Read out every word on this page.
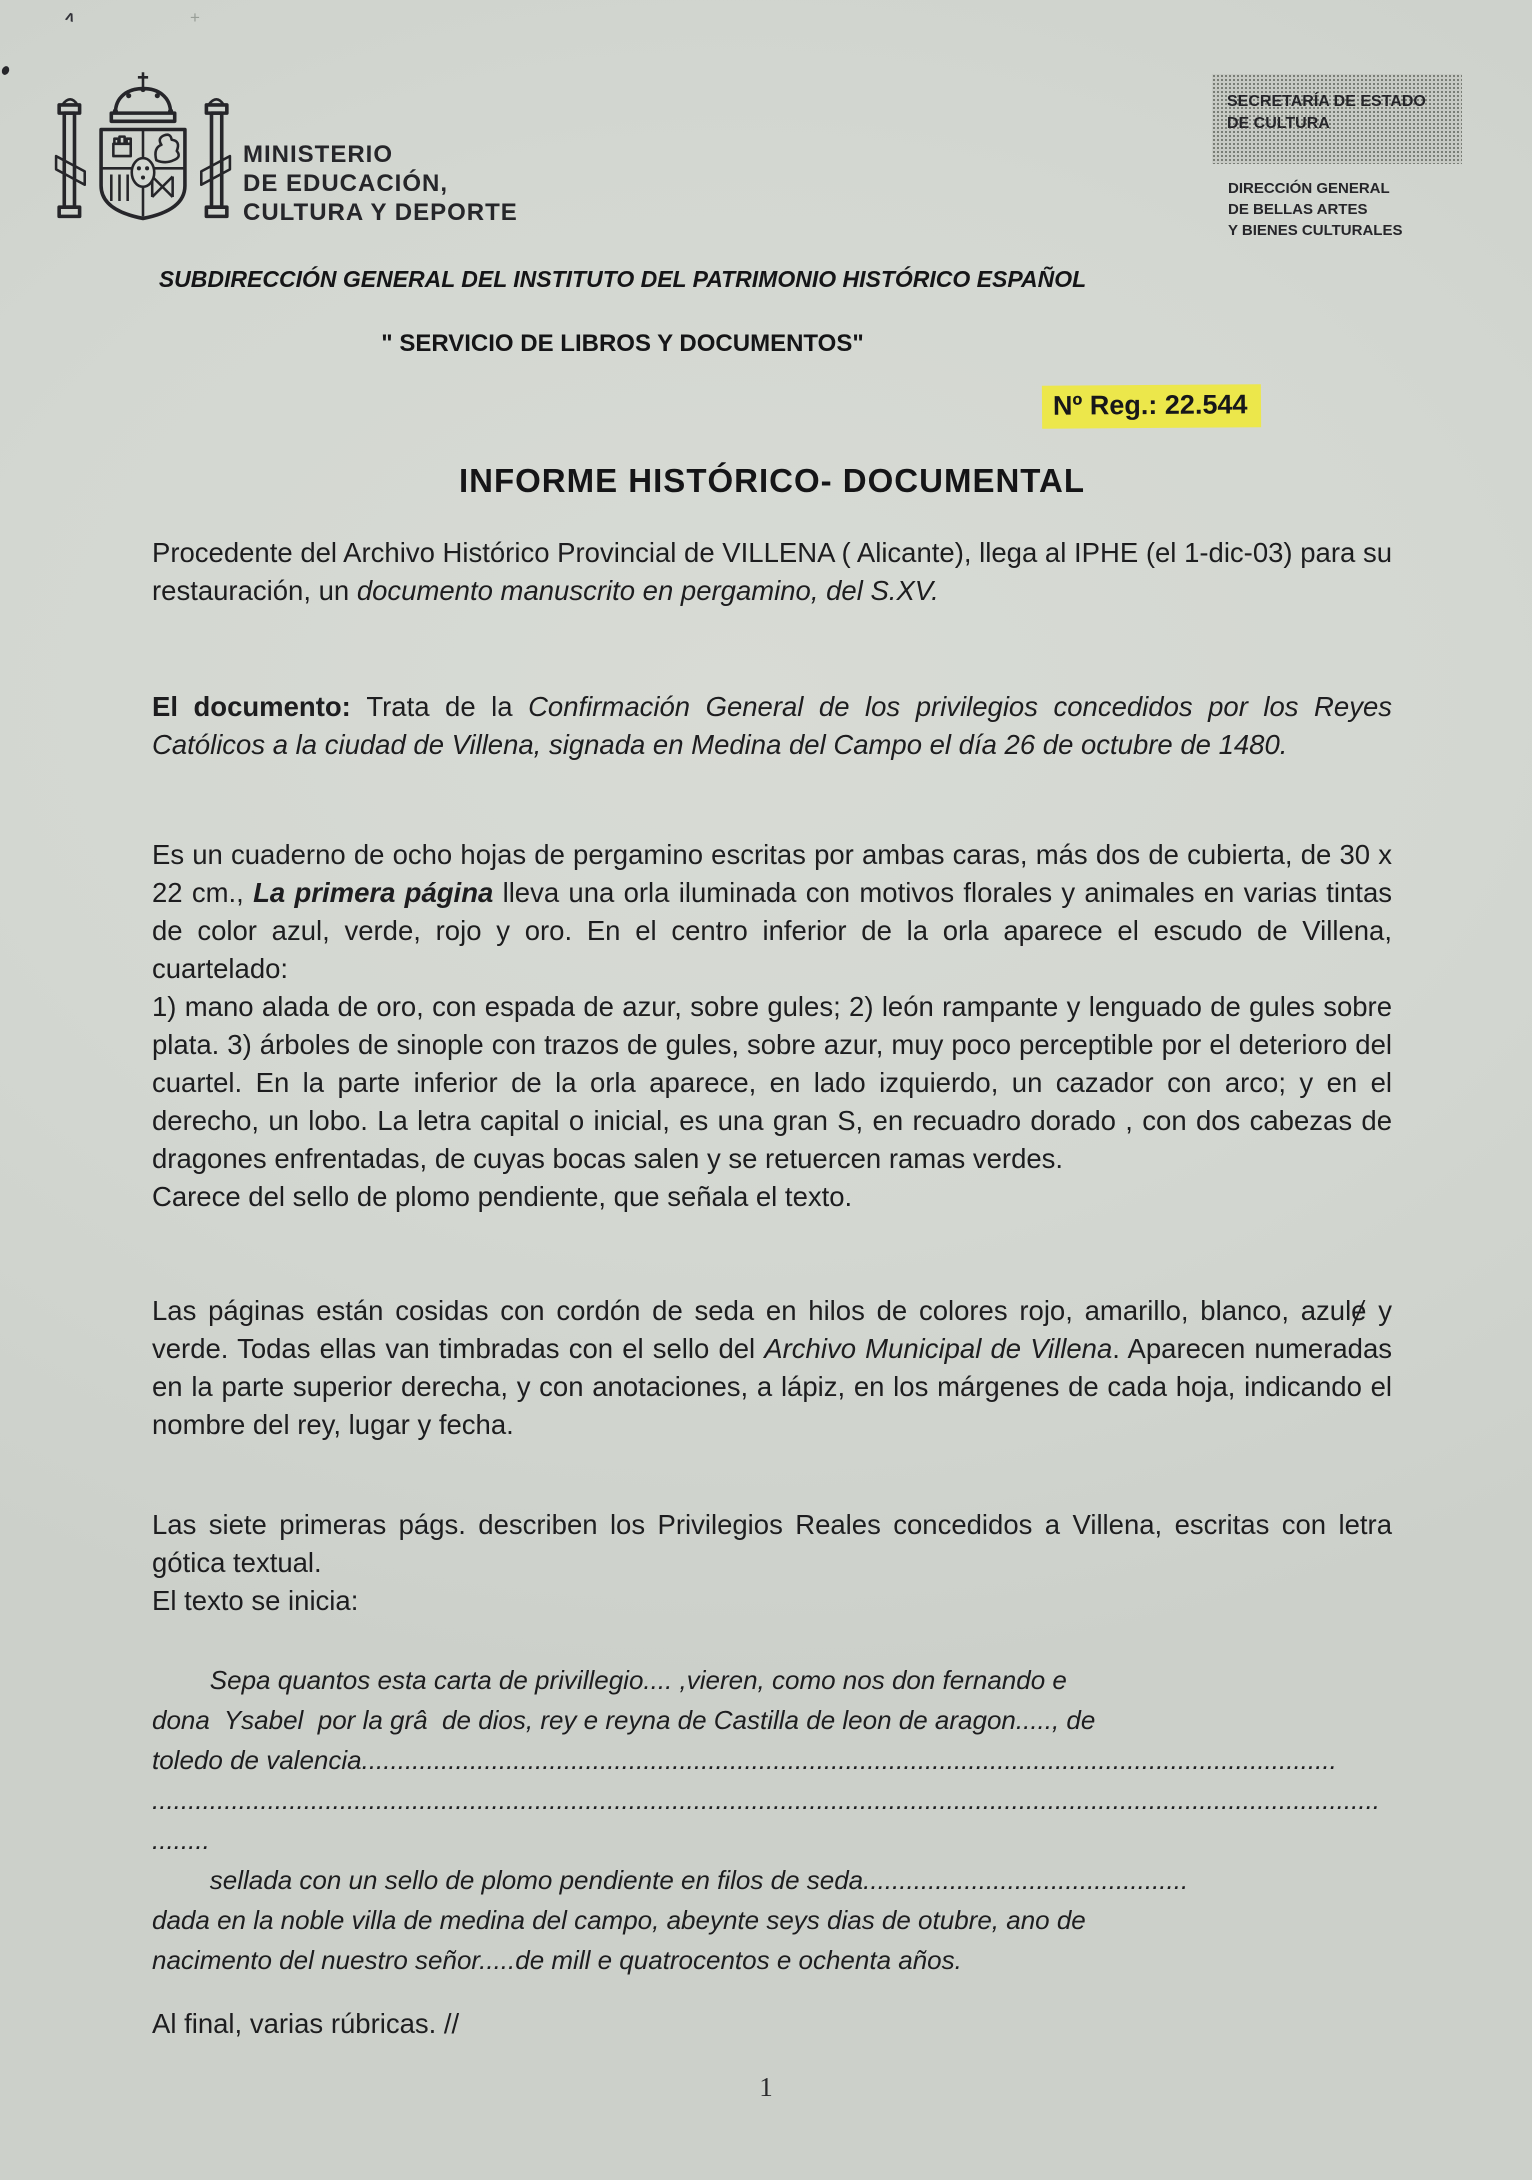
ʌ	+
MINISTERIO
DE EDUCACIÓN,
CULTURA Y DEPORTE
SECRETARÍA DE ESTADO
DE CULTURA
DIRECCIÓN GENERAL
DE BELLAS ARTES
Y BIENES CULTURALES
SUBDIRECCIÓN GENERAL DEL INSTITUTO DEL PATRIMONIO HISTÓRICO ESPAÑOL
" SERVICIO DE LIBROS Y DOCUMENTOS"
Nº Reg.: 22.544
INFORME HISTÓRICO- DOCUMENTAL
Procedente del Archivo Histórico Provincial de VILLENA ( Alicante), llega al IPHE (el 1-dic-03) para su restauración, un documento manuscrito en pergamino, del S.XV.
El documento: Trata de la Confirmación General de los privilegios concedidos por los Reyes Católicos a la ciudad de Villena, signada en Medina del Campo el día 26 de octubre de 1480.
Es un cuaderno de ocho hojas de pergamino escritas por ambas caras, más dos de cubierta, de 30 x 22 cm., La primera página lleva una orla iluminada con motivos florales y animales en varias tintas de color azul, verde, rojo y oro. En el centro inferior de la orla aparece el escudo de Villena, cuartelado:
1) mano alada de oro, con espada de azur, sobre gules; 2) león rampante y lenguado de gules sobre plata. 3) árboles de sinople con trazos de gules, sobre azur, muy poco perceptible por el deterioro del cuartel. En la parte inferior de la orla aparece, en lado izquierdo, un cazador con arco; y en el derecho, un lobo. La letra capital o inicial, es una gran S, en recuadro dorado , con dos cabezas de dragones enfrentadas, de cuyas bocas salen y se retuercen ramas verdes.
Carece del sello de plomo pendiente, que señala el texto.
Las páginas están cosidas con cordón de seda en hilos de colores rojo, amarillo, blanco, azulɇ y verde. Todas ellas van timbradas con el sello del Archivo Municipal de Villena. Aparecen numeradas en la parte superior derecha, y con anotaciones, a lápiz, en los márgenes de cada hoja, indicando el nombre del rey, lugar y fecha.
Las siete primeras págs. describen los Privilegios Reales concedidos a Villena, escritas con letra gótica textual.
El texto se inicia:
Sepa quantos esta carta de privillegio.... ,vieren, como nos don fernando e
dona  Ysabel  por la grâ  de dios, rey e reyna de Castilla de leon de aragon....., de
toledo de valencia.......................................................................................................................................
..........................................................................................................................................................................
........
sellada con un sello de plomo pendiente en filos de seda.............................................
dada en la noble villa de medina del campo, abeynte seys dias de otubre, ano de
nacimento del nuestro señor.....de mill e quatrocentos e ochenta años.
Al final, varias rúbricas. //
1
